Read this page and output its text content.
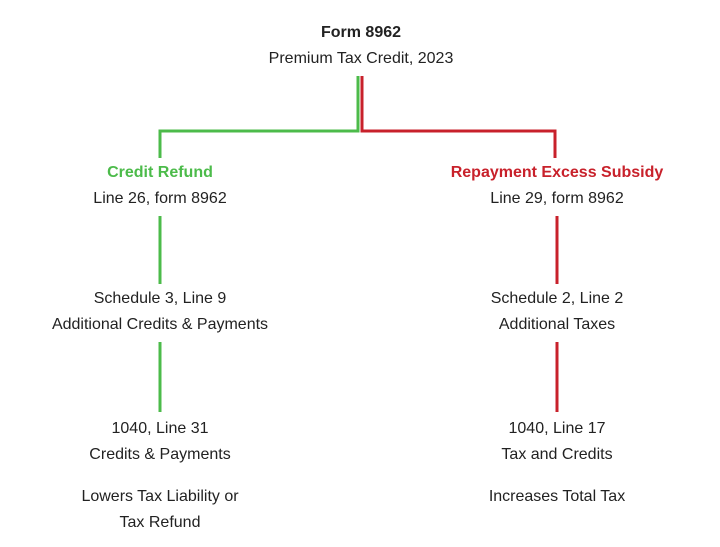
Form 8962
Premium Tax Credit, 2023
Credit Refund
Line 26, form 8962
Repayment Excess Subsidy
Line 29, form 8962
Schedule 3, Line 9
Additional Credits & Payments
Schedule 2, Line 2
Additional Taxes
1040, Line 31
Credits & Payments
1040, Line 17
Tax and Credits
Lowers Tax Liability or
Tax Refund
Increases Total Tax
